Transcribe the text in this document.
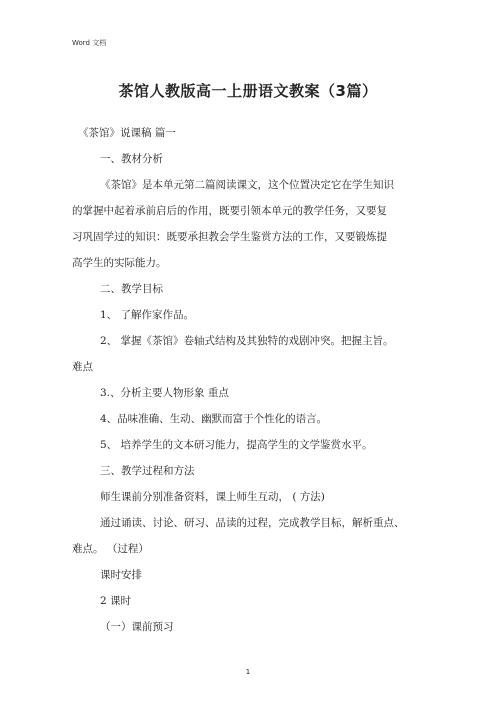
Word 文档
茶馆人教版高一上册语文教案（3篇）
《茶馆》说课稿 篇一
一、教材分析
《茶馆》是本单元第二篇阅读课文，这个位置决定它在学生知识
的掌握中起着承前启后的作用，既要引领本单元的教学任务，又要复
习巩固学过的知识：既要承担教会学生鉴赏方法的工作，又要锻炼提
高学生的实际能力。
二、教学目标
1、 了解作家作品。
2、 掌握《茶馆》卷轴式结构及其独特的戏剧冲突。把握主旨。
难点
3.、分析主要人物形象 重点
4、品味准确、生动、幽默而富于个性化的语言。
5、 培养学生的文本研习能力，提高学生的文学鉴赏水平。
三、教学过程和方法
师生课前分别准备资料，课上师生互动， ( 方法)
通过诵读、讨论、研习、品读的过程，完成教学目标，解析重点、
难点。 （过程）
课时安排
2 课时
（一）课前预习
1
